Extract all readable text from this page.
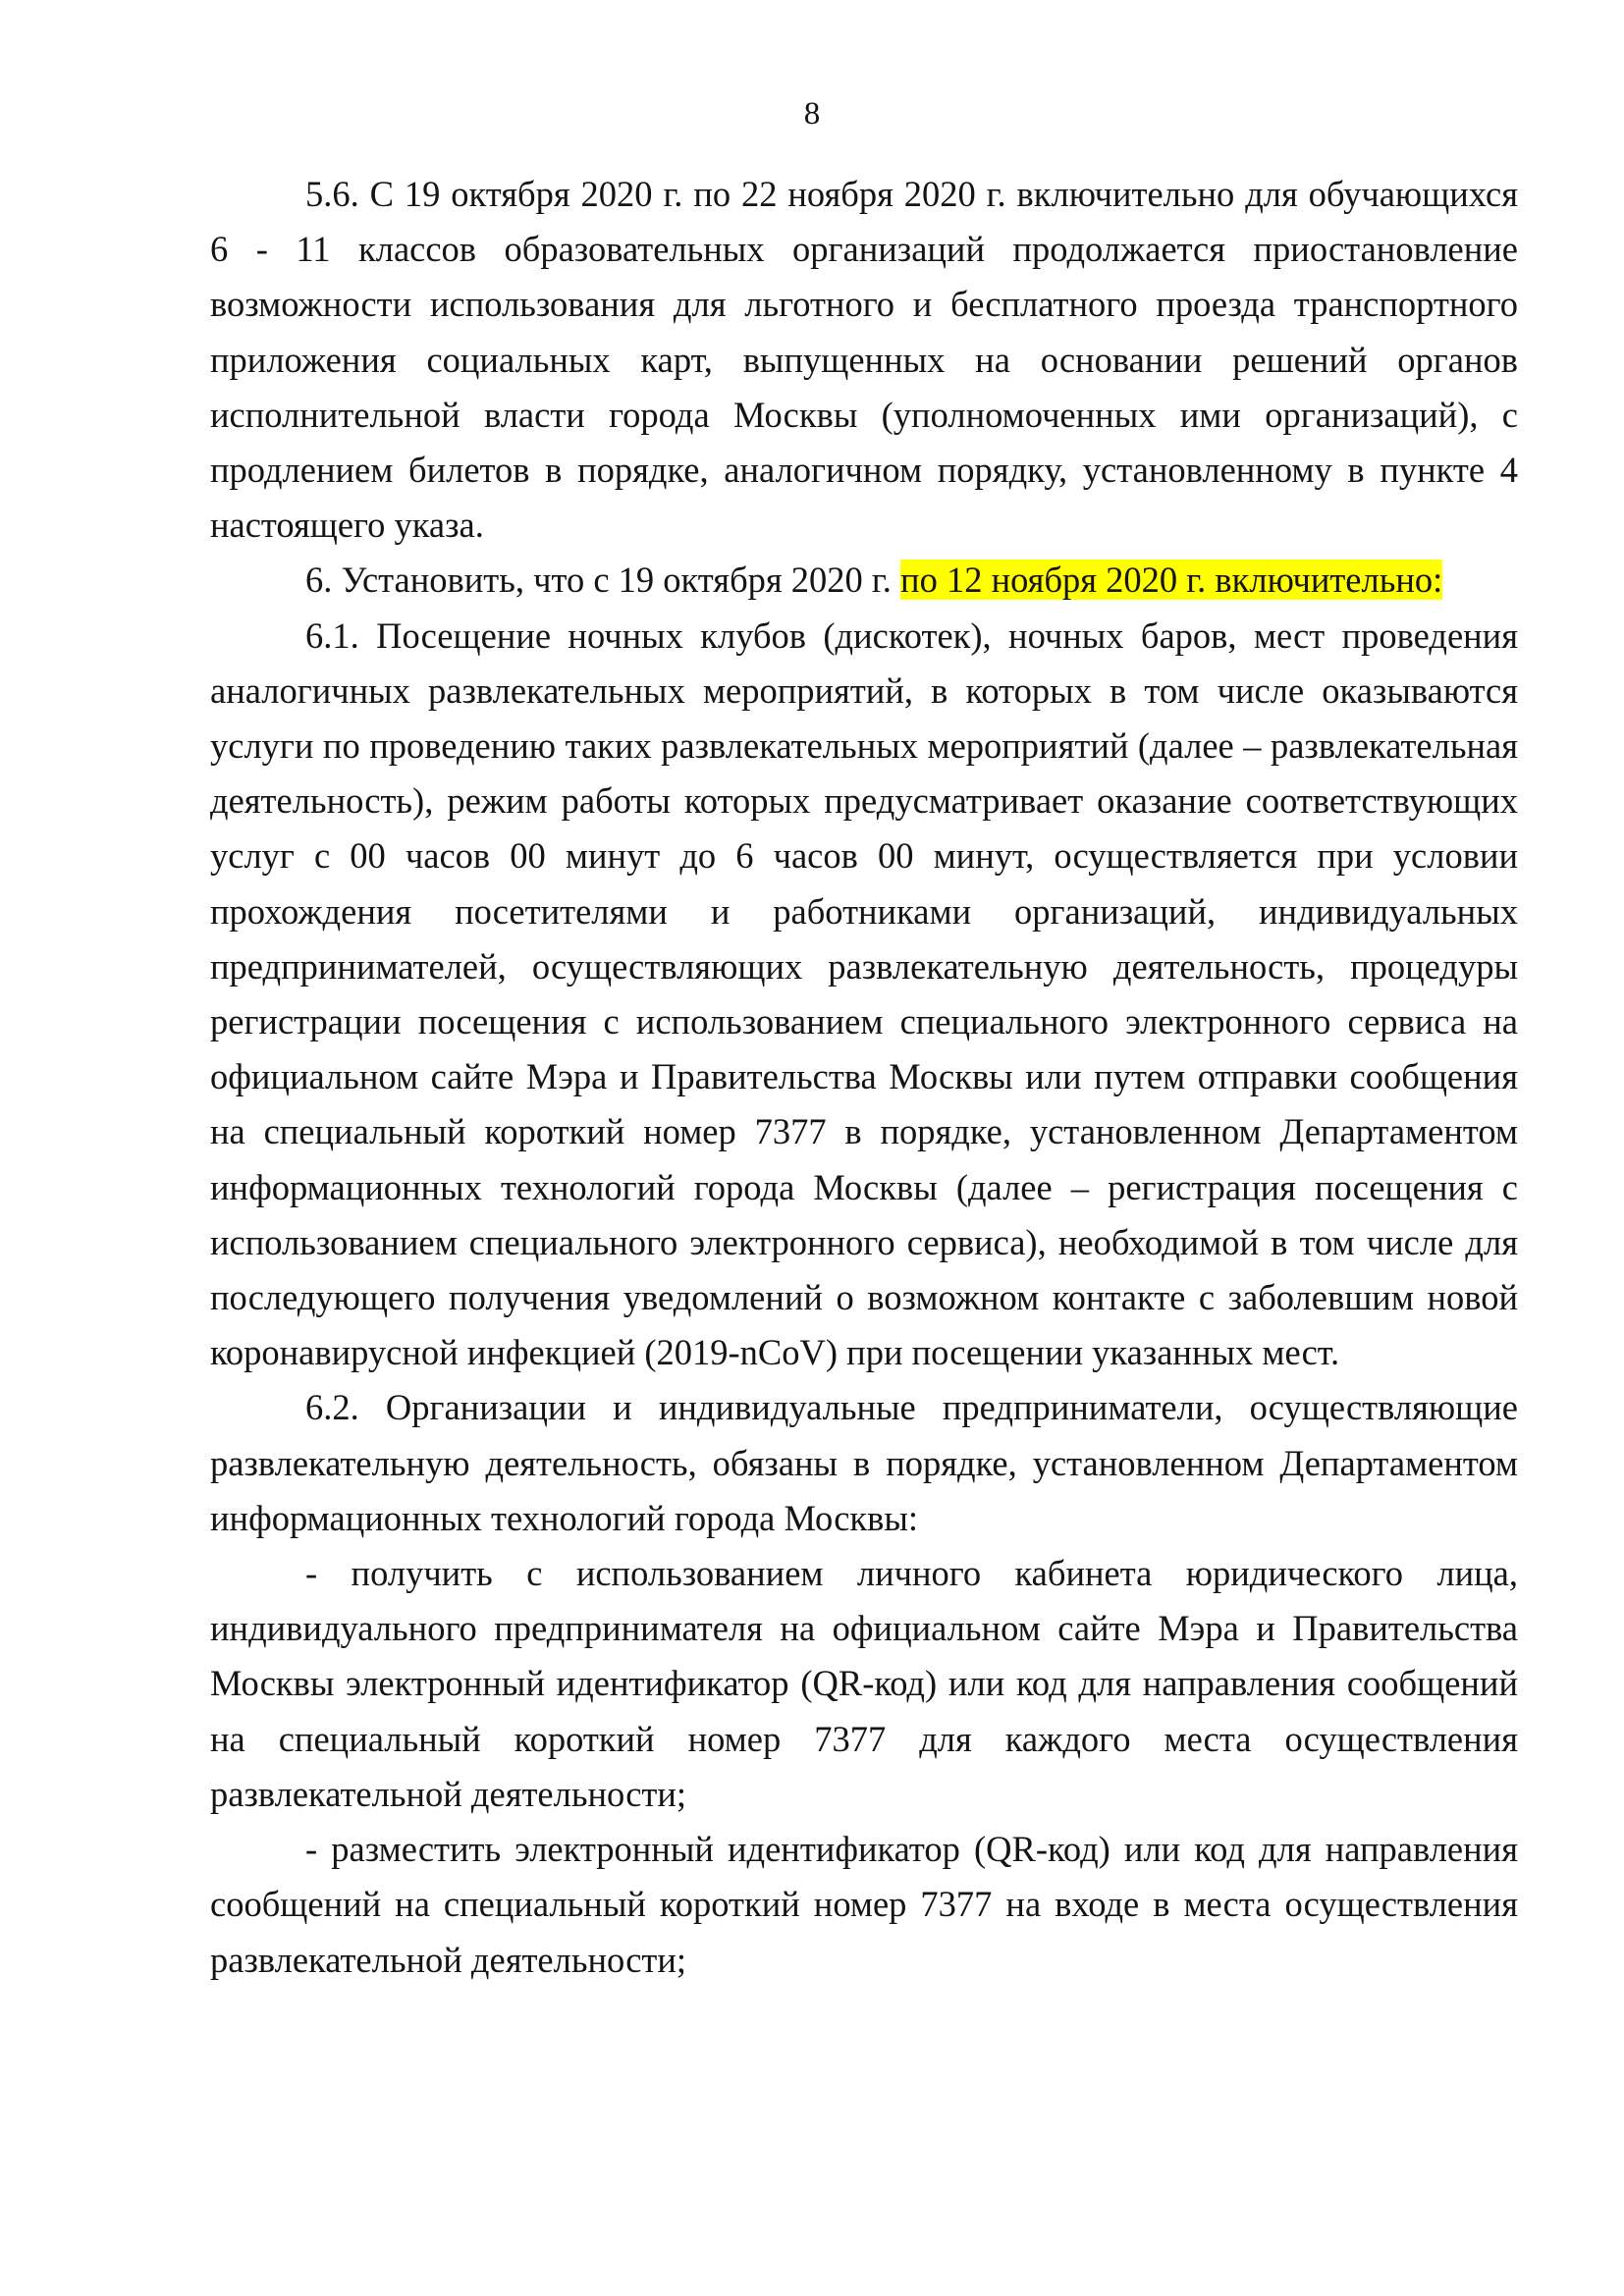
8

5.6. С 19 октября 2020 г. по 22 ноября 2020 г. включительно для обучающихся 6 - 11 классов образовательных организаций продолжается приостановление возможности использования для льготного и бесплатного проезда транспортного приложения социальных карт, выпущенных на основании решений органов исполнительной власти города Москвы (уполномоченных ими организаций), с продлением билетов в порядке, аналогичном порядку, установленному в пункте 4 настоящего указа.

6. Установить, что с 19 октября 2020 г. по 12 ноября 2020 г. включительно:

6.1. Посещение ночных клубов (дискотек), ночных баров, мест проведения аналогичных развлекательных мероприятий, в которых в том числе оказываются услуги по проведению таких развлекательных мероприятий (далее – развлекательная деятельность), режим работы которых предусматривает оказание соответствующих услуг с 00 часов 00 минут до 6 часов 00 минут, осуществляется при условии прохождения посетителями и работниками организаций, индивидуальных предпринимателей, осуществляющих развлекательную деятельность, процедуры регистрации посещения с использованием специального электронного сервиса на официальном сайте Мэра и Правительства Москвы или путем отправки сообщения на специальный короткий номер 7377 в порядке, установленном Департаментом информационных технологий города Москвы (далее – регистрация посещения с использованием специального электронного сервиса), необходимой в том числе для последующего получения уведомлений о возможном контакте с заболевшим новой коронавирусной инфекцией (2019-nCoV) при посещении указанных мест.

6.2. Организации и индивидуальные предприниматели, осуществляющие развлекательную деятельность, обязаны в порядке, установленном Департаментом информационных технологий города Москвы:

- получить с использованием личного кабинета юридического лица, индивидуального предпринимателя на официальном сайте Мэра и Правительства Москвы электронный идентификатор (QR-код) или код для направления сообщений на специальный короткий номер 7377 для каждого места осуществления развлекательной деятельности;

- разместить электронный идентификатор (QR-код) или код для направления сообщений на специальный короткий номер 7377 на входе в места осуществления развлекательной деятельности;
